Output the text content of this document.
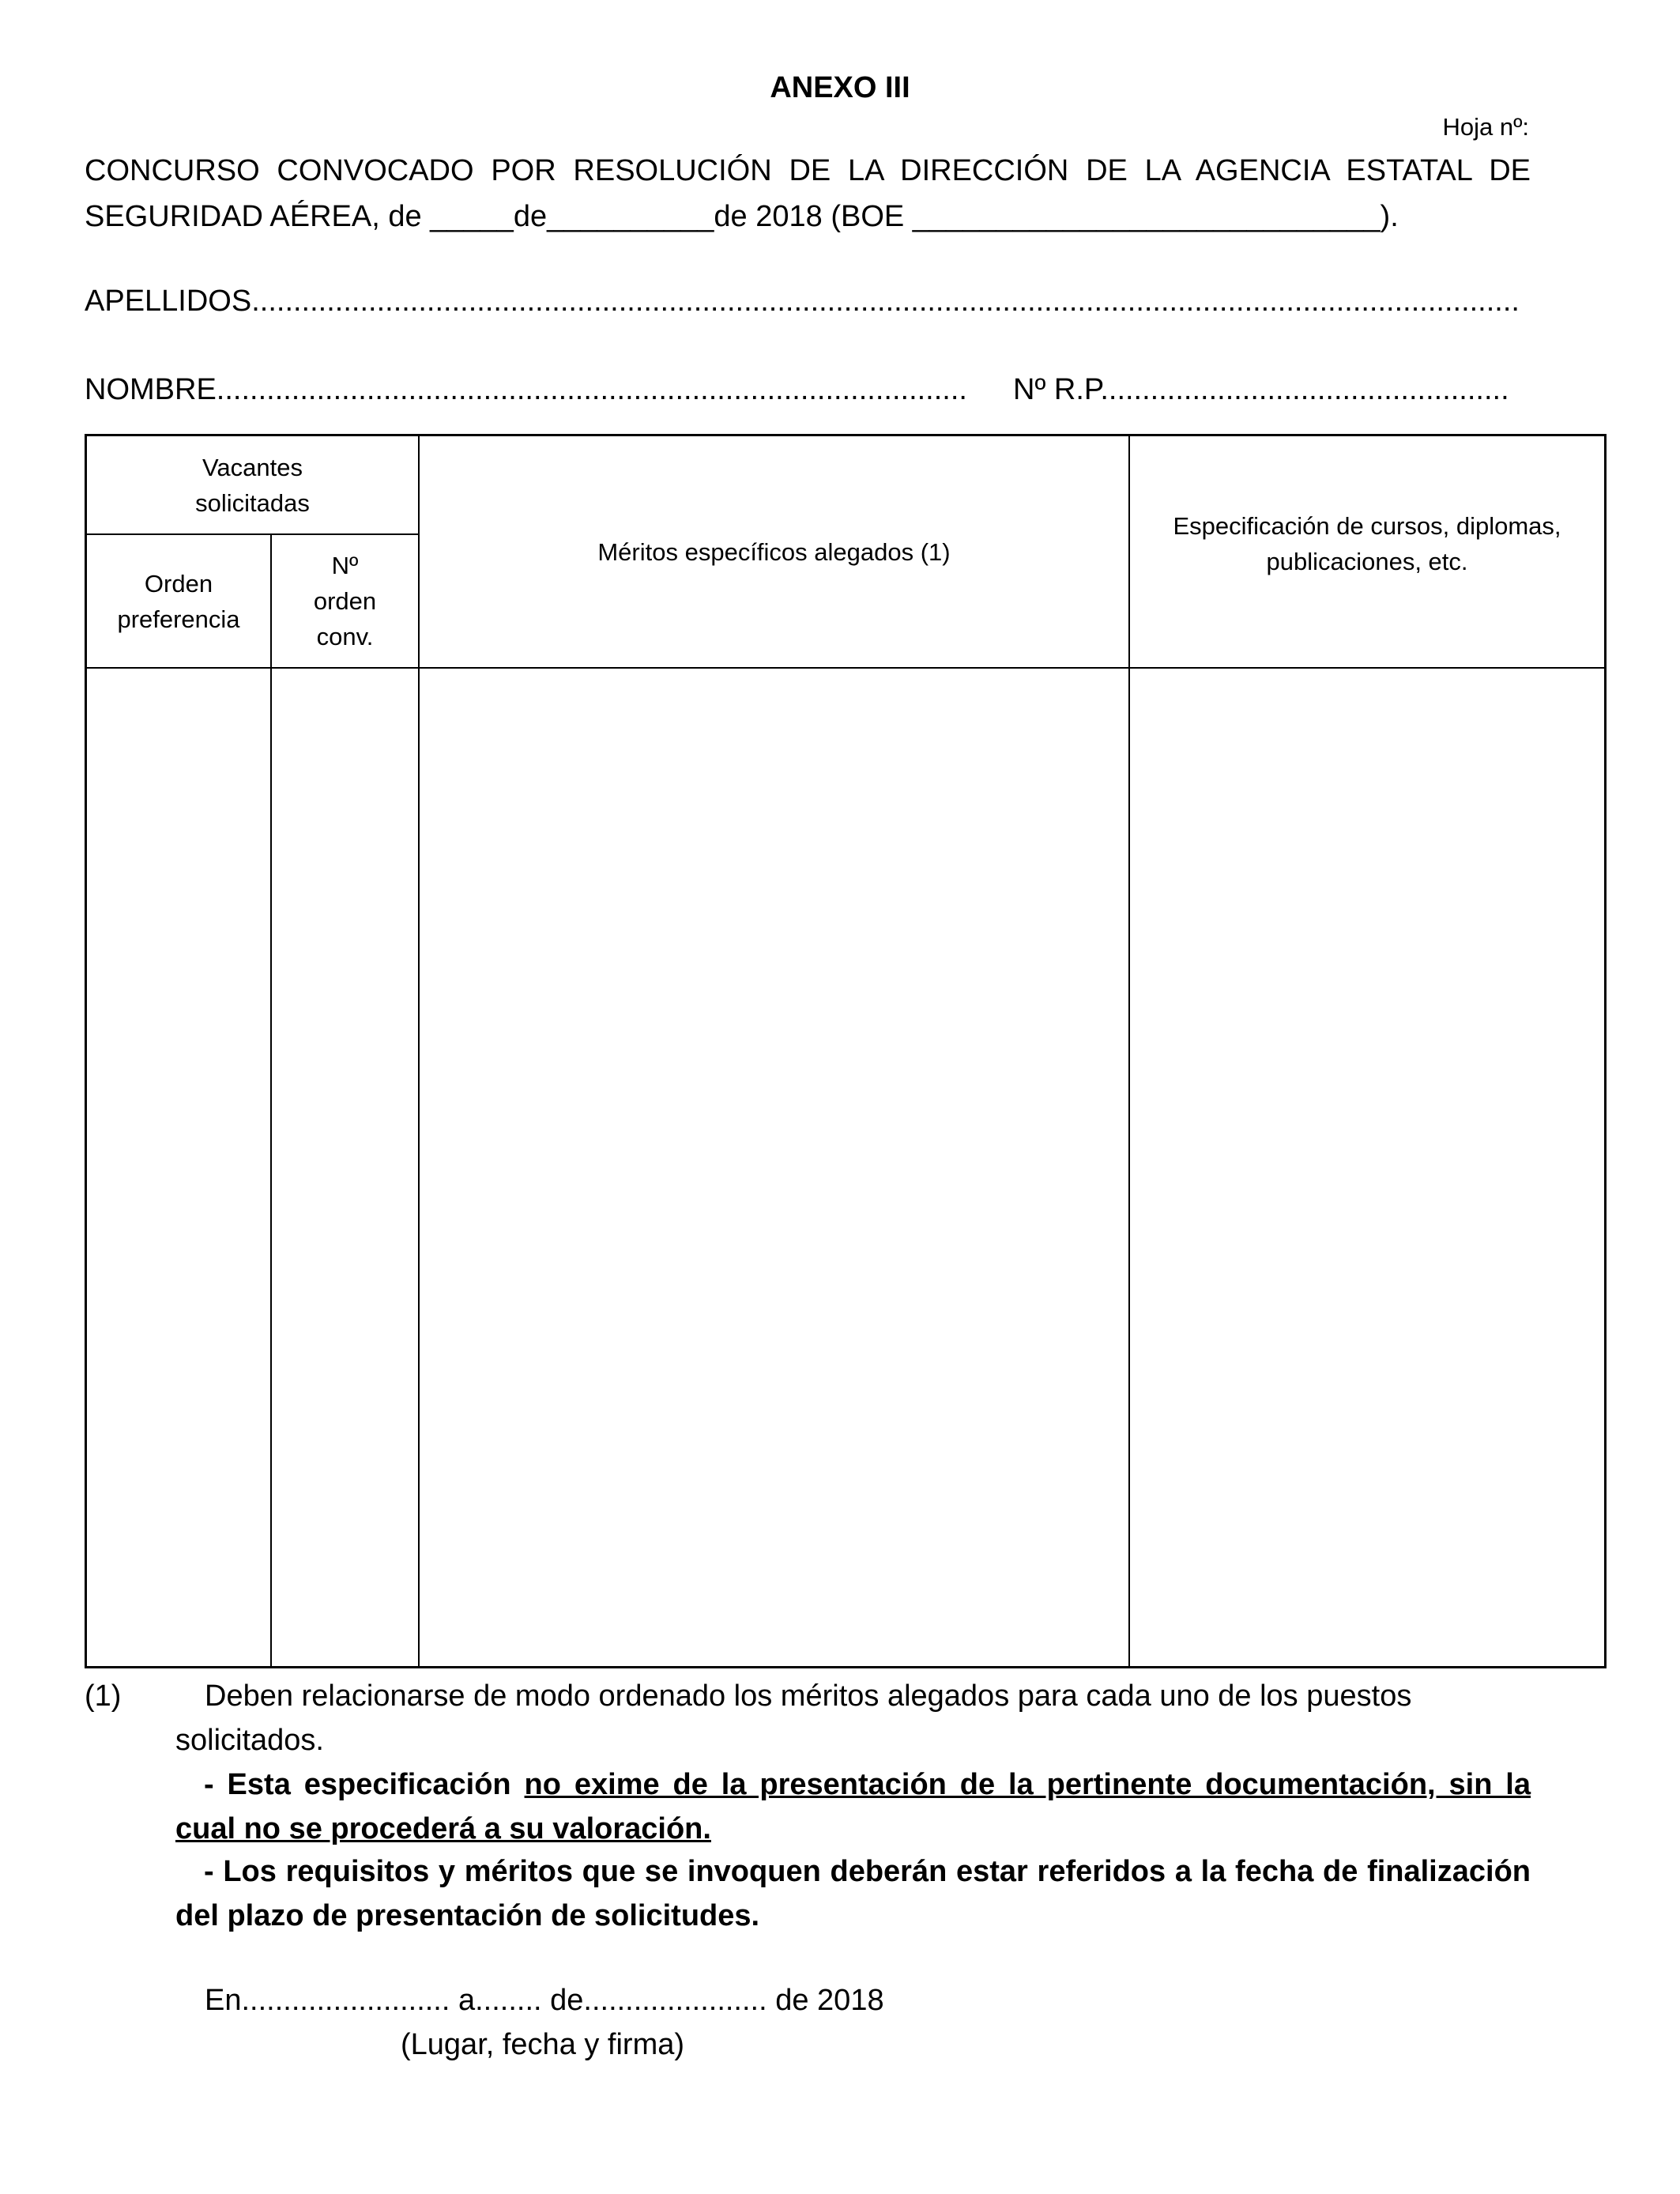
ANEXO III
Hoja nº:
CONCURSO CONVOCADO POR RESOLUCIÓN DE LA DIRECCIÓN DE LA AGENCIA ESTATAL DE
SEGURIDAD AÉREA, de _____de__________de 2018 (BOE ____________________________).
APELLIDOS........................................................................................................................................................
NOMBRE.......................................................................................... Nº R.P.................................................
Vacantes solicitadas
Orden preferencia
Nº orden conv.
Méritos específicos alegados (1)
Especificación de cursos, diplomas, publicaciones, etc.
(1)	Deben relacionarse de modo ordenado los méritos alegados para cada uno de los puestos
solicitados.
- Esta especificación no exime de la presentación de la pertinente documentación, sin la cual no se procederá a su valoración.
- Los requisitos y méritos que se invoquen deberán estar referidos a la fecha de finalización del plazo de presentación de solicitudes.
En......................... a........ de...................... de 2018
(Lugar, fecha y firma)
